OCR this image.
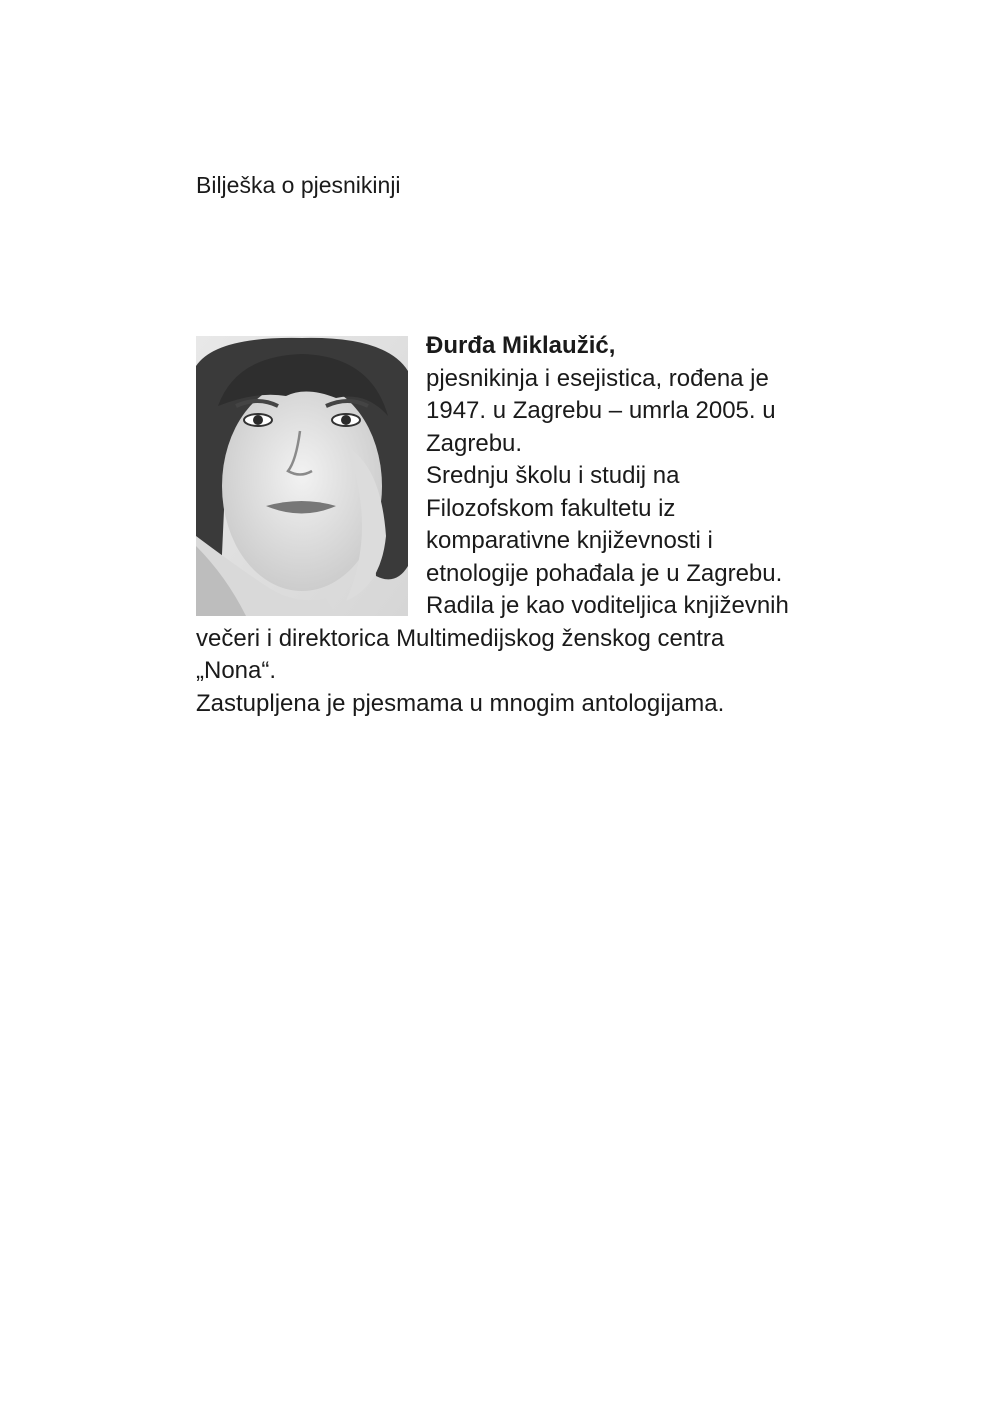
Bilješka o pjesnikinji
Đurđa Miklaužić,
pjesnikinja i esejistica, rođena je
1947. u Zagrebu – umrla 2005. u
Zagrebu.
Srednju školu i studij na
Filozofskom fakultetu iz
komparativne književnosti i
etnologije pohađala je u Zagrebu.
Radila je kao voditeljica književnih
večeri i direktorica Multimedijskog ženskog centra
„Nona“.
Zastupljena je pjesmama u mnogim antologijama.
